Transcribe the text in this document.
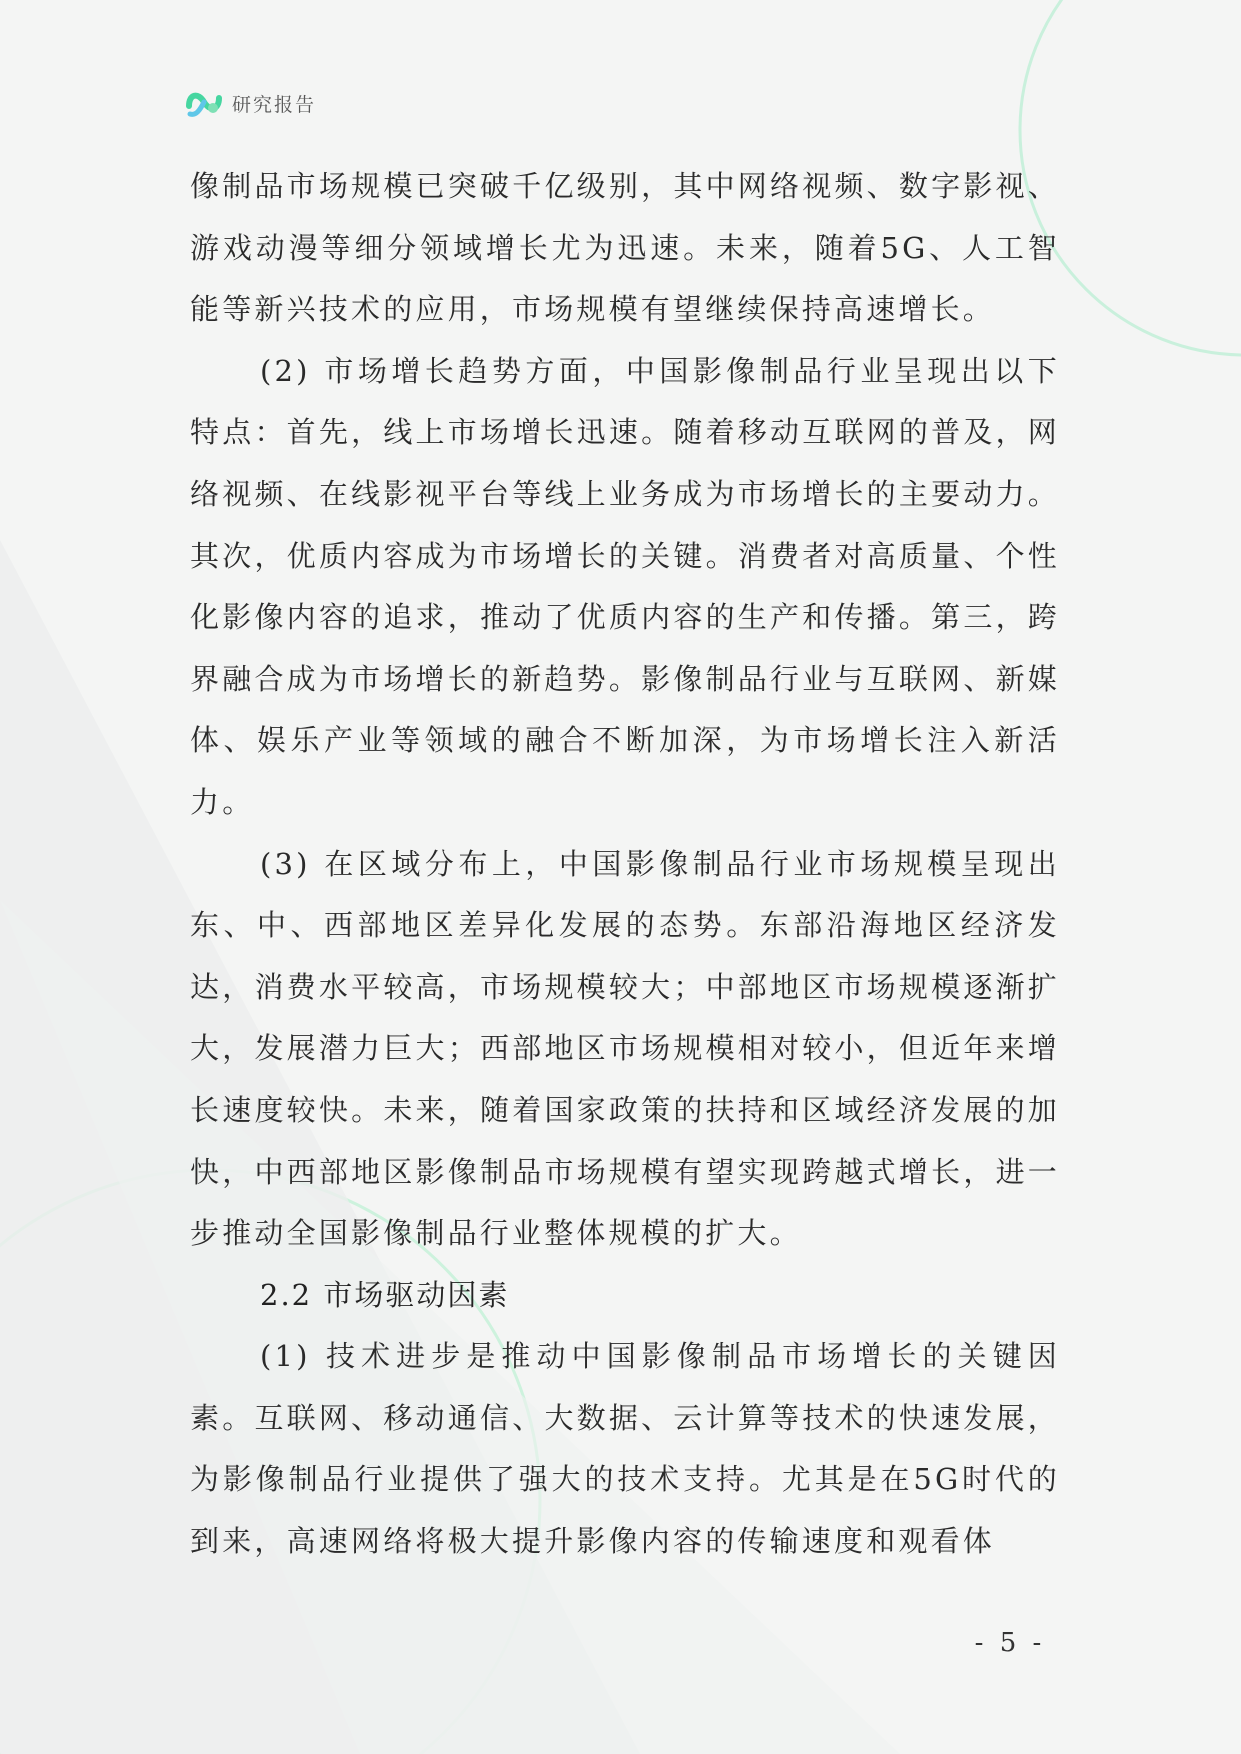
研究报告

像制品市场规模已突破千亿级别，其中网络视频、数字影视、游戏动漫等细分领域增长尤为迅速。未来，随着5G、人工智能等新兴技术的应用，市场规模有望继续保持高速增长。

(2) 市场增长趋势方面，中国影像制品行业呈现出以下特点：首先，线上市场增长迅速。随着移动互联网的普及，网络视频、在线影视平台等线上业务成为市场增长的主要动力。其次，优质内容成为市场增长的关键。消费者对高质量、个性化影像内容的追求，推动了优质内容的生产和传播。第三，跨界融合成为市场增长的新趋势。影像制品行业与互联网、新媒体、娱乐产业等领域的融合不断加深，为市场增长注入新活力。

(3) 在区域分布上，中国影像制品行业市场规模呈现出东、中、西部地区差异化发展的态势。东部沿海地区经济发达，消费水平较高，市场规模较大；中部地区市场规模逐渐扩大，发展潜力巨大；西部地区市场规模相对较小，但近年来增长速度较快。未来，随着国家政策的扶持和区域经济发展的加快，中西部地区影像制品市场规模有望实现跨越式增长，进一步推动全国影像制品行业整体规模的扩大。

2.2 市场驱动因素

(1) 技术进步是推动中国影像制品市场增长的关键因素。互联网、移动通信、大数据、云计算等技术的快速发展，为影像制品行业提供了强大的技术支持。尤其是在5G时代的到来，高速网络将极大提升影像内容的传输速度和观看体

- 5 -
